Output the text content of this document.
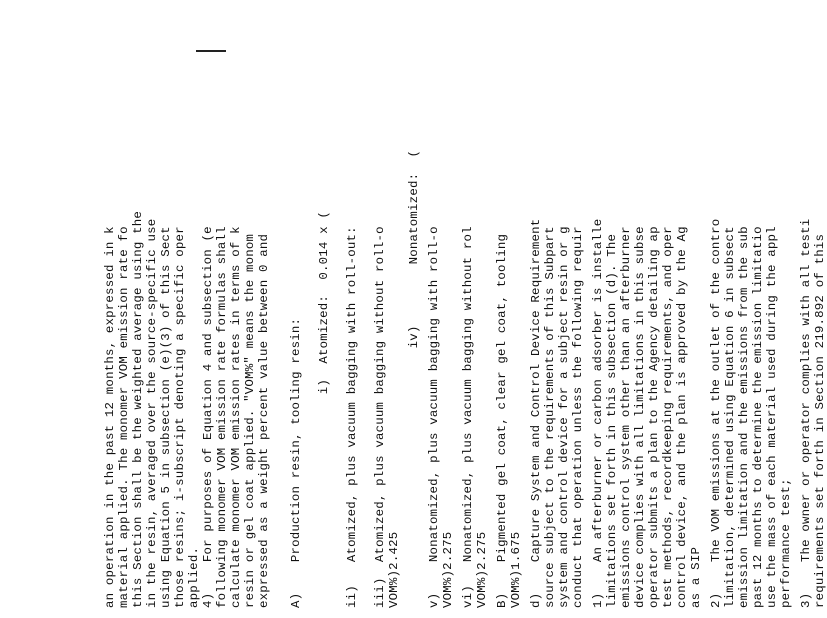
an operation in the past 12 months, expressed in k material applied. The monomer VOM emission rate fo this Section shall be the weighted average using the in the resin, averaged over the source-specific use using Equation 5 in subsection (e)(3) of this Sect those resins; i-subscript denoting a specific oper applied. 4)    For purposes of Equation 4 and subsection (e following monomer VOM emission rate formulas shall calculate monomer VOM emission rates in terms of k resin or gel coat applied. "VOM%" means the monom expressed as a weight percent value between 0 and A)    Production resin, tooling resin: i)  Atomized:  0.014 x ( ii)   Atomized, plus vacuum bagging with roll-out: iii)  Atomized, plus vacuum bagging without roll-o VOM%)2.425 iv)        Nonatomized:  ( v)    Nonatomized, plus vacuum bagging with roll-o VOM%)2.275 vi)   Nonatomized, plus vacuum bagging without rol VOM%)2.275 B)    Pigmented gel coat, clear gel coat, tooling VOM%)1.675 d)    Capture System and Control Device Requirement source subject to the requirements of this Subpart system and control device for a subject resin or g conduct that operation unless the following requir 1)    An afterburner or carbon adsorber is installe limitations set forth in this subsection (d). The emissions control system other than an afterburner device complies with all limitations in this subse operator submits a plan to the Agency detailing ap test methods, recordkeeping requirements, and oper control device, and the plan is approved by the Ag as a SIP 2)    The VOM emissions at the outlet of the contro limitation, determined using Equation 6 in subsect emission limitation and the emissions from the sub past 12 months to determine the emission limitatio use the mass of each material used during the appl performance test; 3)    The owner or operator complies with all testi requirements set forth in Section 219.892 of this
